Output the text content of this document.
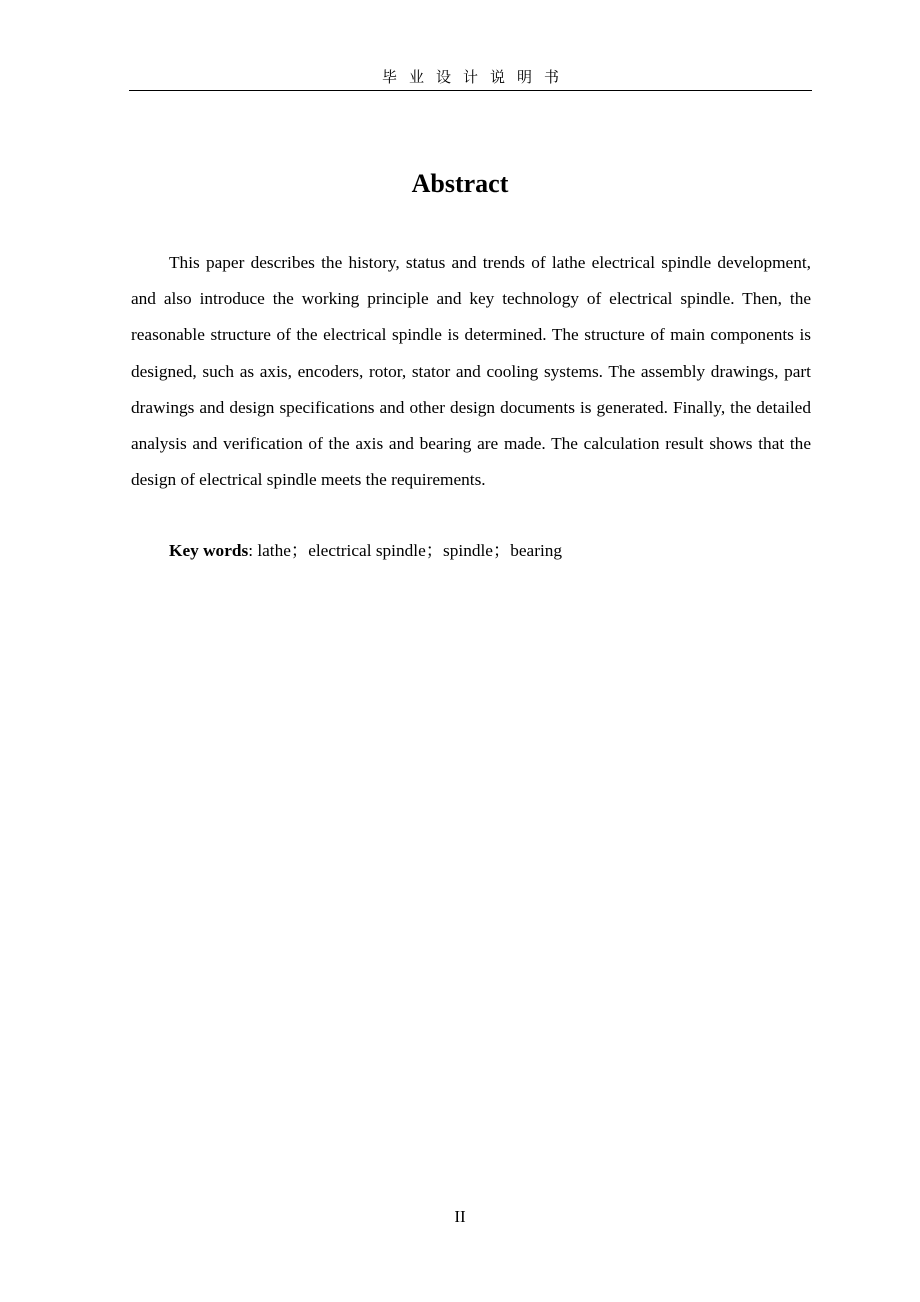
毕业设计说明书
Abstract

This paper describes the history, status and trends of lathe electrical spindle development, and also introduce the working principle and key technology of electrical spindle. Then, the reasonable structure of the electrical spindle is determined. The structure of main components is designed, such as axis, encoders, rotor, stator and cooling systems. The assembly drawings, part drawings and design specifications and other design documents is generated. Finally, the detailed analysis and verification of the axis and bearing are made. The calculation result shows that the design of electrical spindle meets the requirements.

Key words: lathe；electrical spindle；spindle；bearing
II
